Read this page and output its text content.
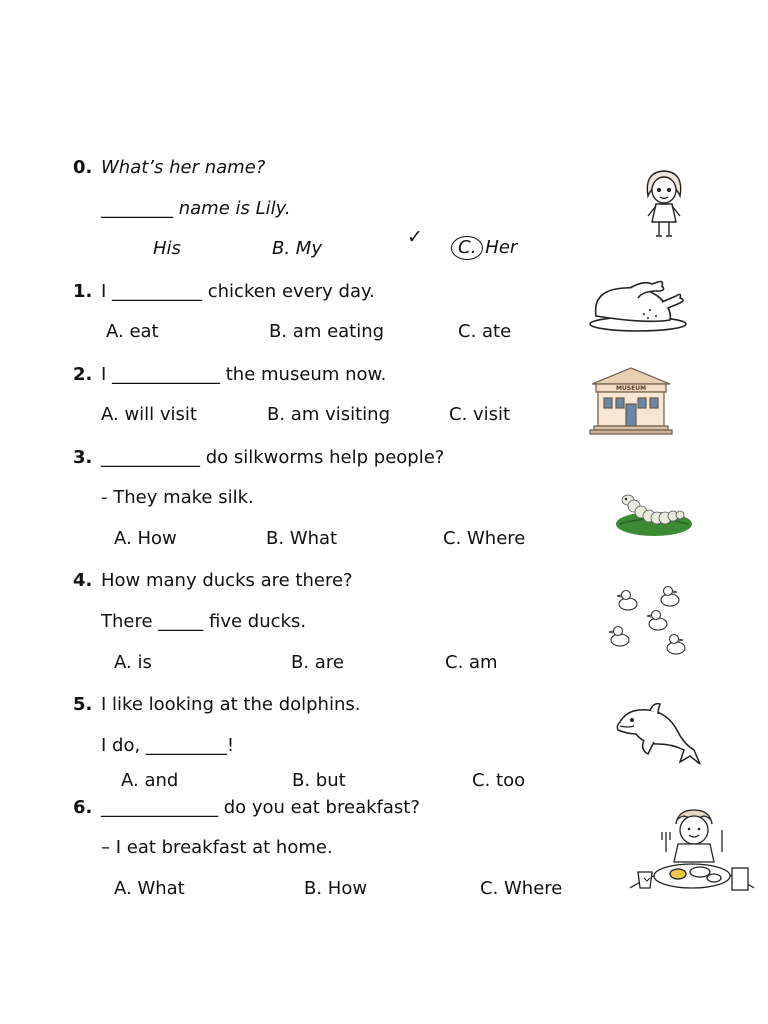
0. What’s her name?
________ name is Lily.
His	B. My
✓	C. Her
1. I __________ chicken every day.
A. eat	B. am eating	C. ate
2. I ____________ the museum now.
A. will visit	B. am visiting	C. visit
MUSEUM
3. ___________ do silkworms help people?
- They make silk.
A. How	B. What	C. Where
4. How many ducks are there?
There _____ five ducks.
A. is	B. are	C. am
5. I like looking at the dolphins.
I do, _________!
A. and	B. but	C. too
6. _____________ do you eat breakfast?
– I eat breakfast at home.
A. What	B. How	C. Where
